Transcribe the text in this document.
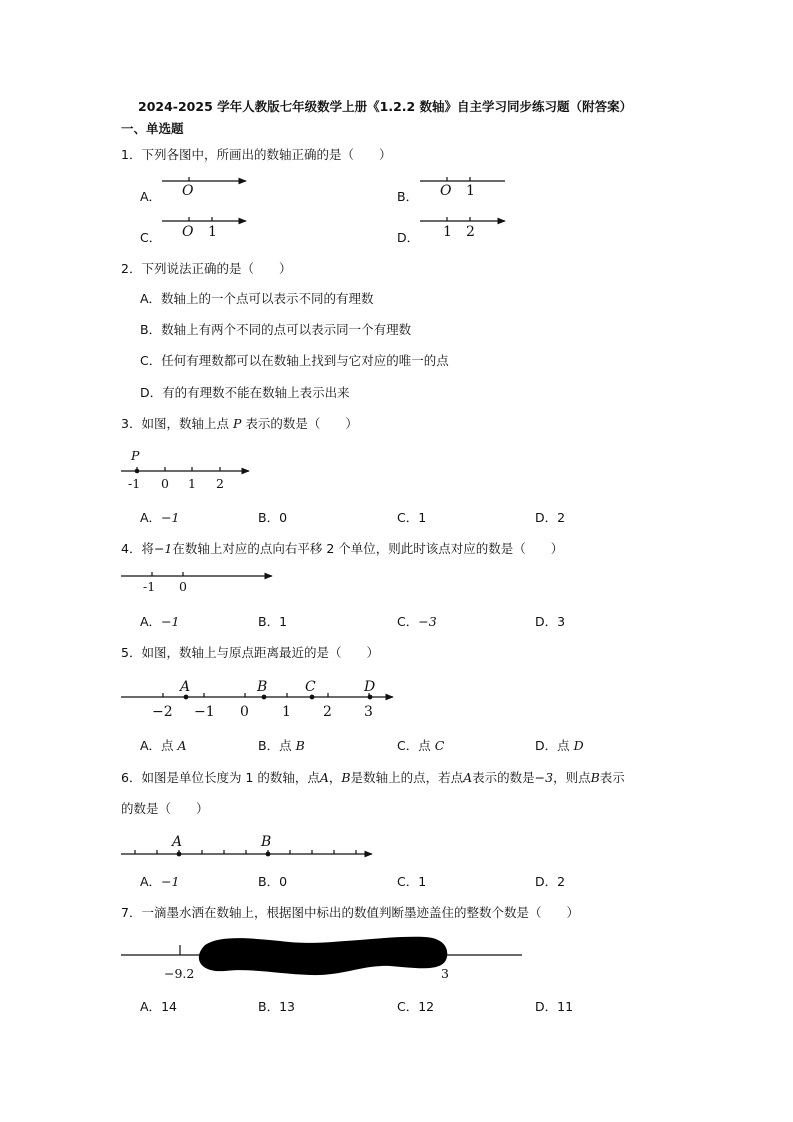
2024-2025 学年人教版七年级数学上册《1.2.2 数轴》自主学习同步练习题（附答案）
一、单选题
1．下列各图中，所画出的数轴正确的是（　　）
A．	B．
C．	D．
2．下列说法正确的是（　　）
A．数轴上的一个点可以表示不同的有理数
B．数轴上有两个不同的点可以表示同一个有理数
C．任何有理数都可以在数轴上找到与它对应的唯一的点
D．有的有理数不能在数轴上表示出来
3．如图，数轴上点 P 表示的数是（　　）
A．−1	B．0	C．1	D．2
4．将−1在数轴上对应的点向右平移 2 个单位，则此时该点对应的数是（　　）
A．−1	B．1	C．−3	D．3
5．如图，数轴上与原点距离最近的是（　　）
A．点 A	B．点 B	C．点 C	D．点 D
6．如图是单位长度为 1 的数轴，点A，B是数轴上的点，若点A表示的数是−3，则点B表示
的数是（　　）
A．−1	B．0	C．1	D．2
7．一滴墨水洒在数轴上，根据图中标出的数值判断墨迹盖住的整数个数是（　　）
A．14	B．13	C．12	D．11
O	O 1
O 1	1 2
P
-1 0 1 2
-1 0
A	B	C	D
−2 −1 0 1 2 3
A	B
−9.2	3
